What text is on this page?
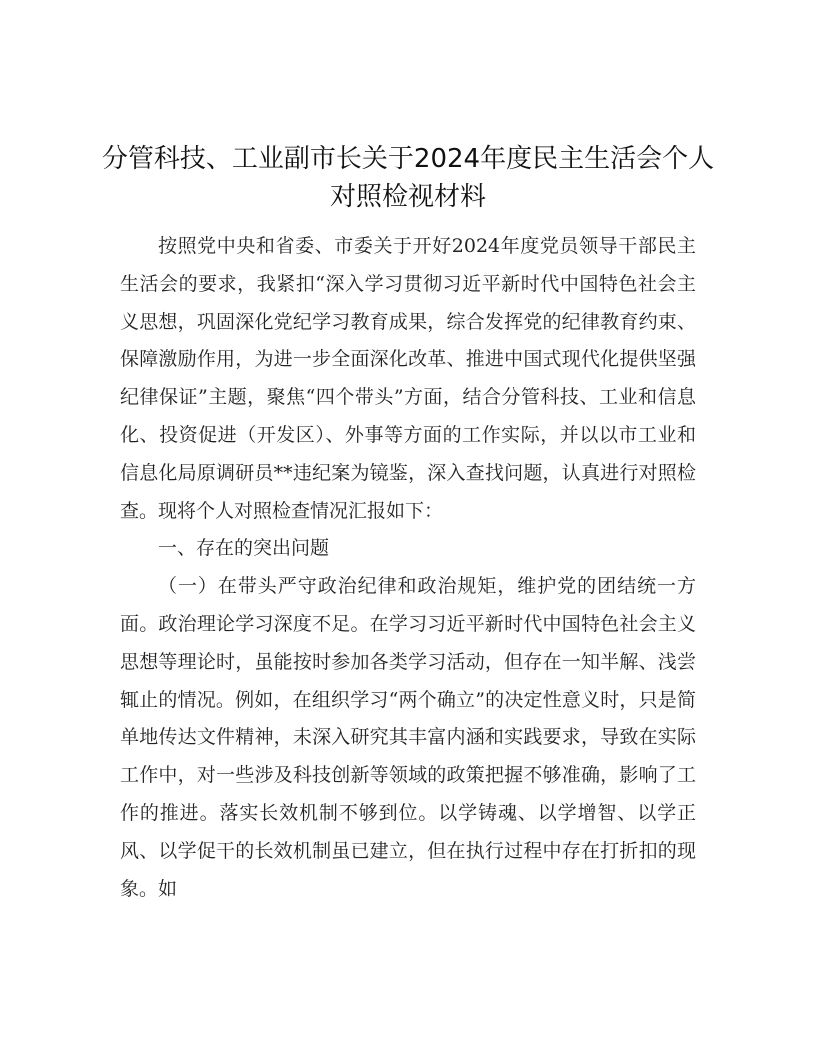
分管科技、工业副市长关于2024年度民主生活会个人对照检视材料

按照党中央和省委、市委关于开好2024年度党员领导干部民主生活会的要求，我紧扣“深入学习贯彻习近平新时代中国特色社会主义思想，巩固深化党纪学习教育成果，综合发挥党的纪律教育约束、保障激励作用，为进一步全面深化改革、推进中国式现代化提供坚强纪律保证”主题，聚焦“四个带头”方面，结合分管科技、工业和信息化、投资促进（开发区）、外事等方面的工作实际，并以以市工业和信息化局原调研员**违纪案为镜鉴，深入查找问题，认真进行对照检查。现将个人对照检查情况汇报如下：

一、存在的突出问题

（一）在带头严守政治纪律和政治规矩，维护党的团结统一方面。政治理论学习深度不足。在学习习近平新时代中国特色社会主义思想等理论时，虽能按时参加各类学习活动，但存在一知半解、浅尝辄止的情况。例如，在组织学习“两个确立”的决定性意义时，只是简单地传达文件精神，未深入研究其丰富内涵和实践要求，导致在实际工作中，对一些涉及科技创新等领域的政策把握不够准确，影响了工作的推进。落实长效机制不够到位。以学铸魂、以学增智、以学正风、以学促干的长效机制虽已建立，但在执行过程中存在打折扣的现象。如
